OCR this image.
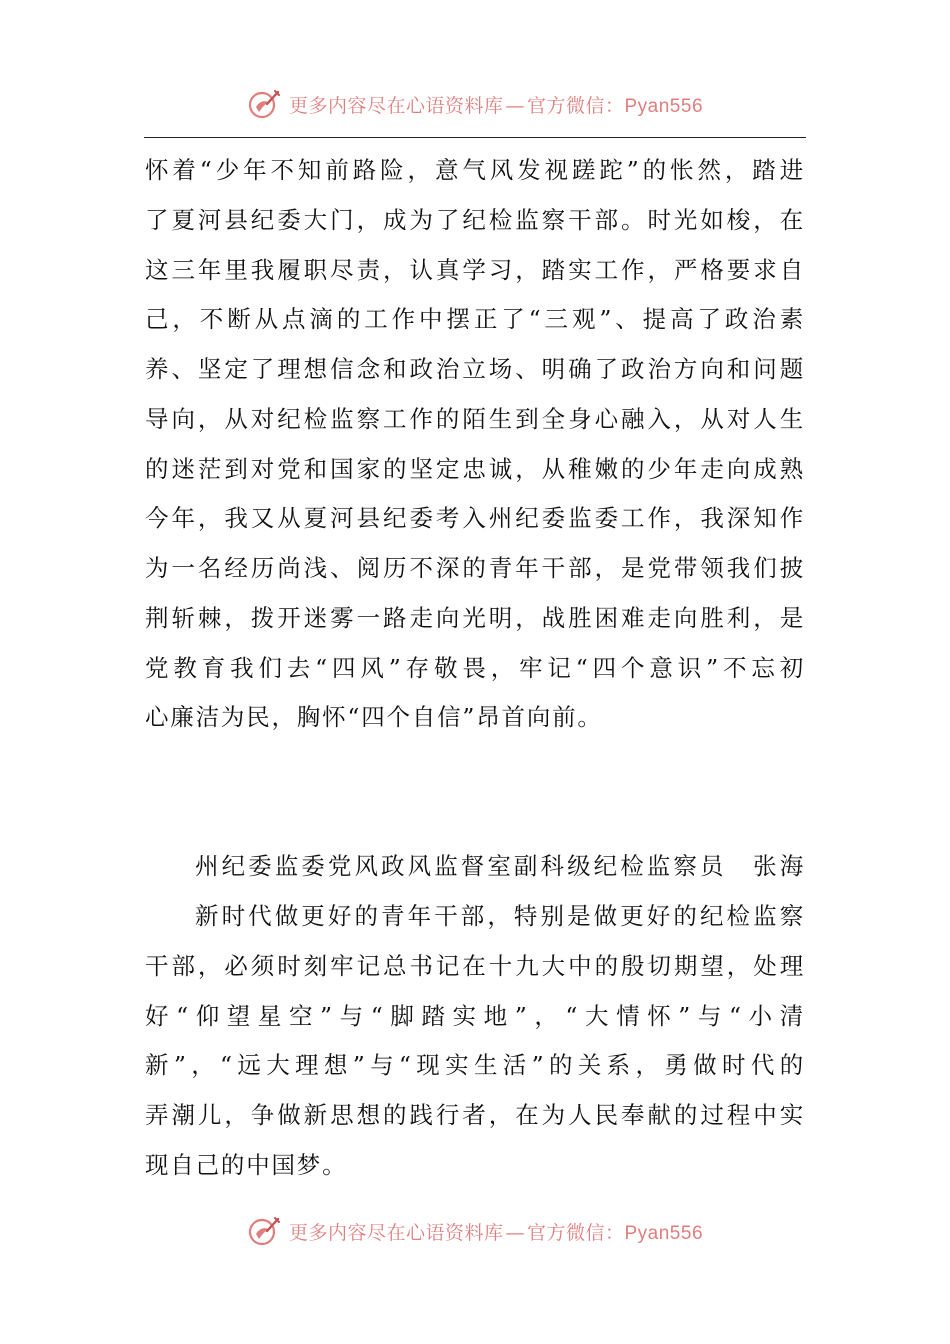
更多内容尽在心语资料库 — 官方微信：Pyan556
怀着“少年不知前路险，意气风发视蹉跎”的怅然，踏进
了夏河县纪委大门，成为了纪检监察干部。时光如梭，在
这三年里我履职尽责，认真学习，踏实工作，严格要求自
己，不断从点滴的工作中摆正了“三观”、提高了政治素
养、坚定了理想信念和政治立场、明确了政治方向和问题
导向，从对纪检监察工作的陌生到全身心融入，从对人生
的迷茫到对党和国家的坚定忠诚，从稚嫩的少年走向成熟
今年，我又从夏河县纪委考入州纪委监委工作，我深知作
为一名经历尚浅、阅历不深的青年干部，是党带领我们披
荆斩棘，拨开迷雾一路走向光明，战胜困难走向胜利，是
党教育我们去“四风”存敬畏，牢记“四个意识”不忘初
心廉洁为民，胸怀“四个自信”昂首向前。
州纪委监委党风政风监督室副科级纪检监察员　张海
新时代做更好的青年干部，特别是做更好的纪检监察
干部，必须时刻牢记总书记在十九大中的殷切期望，处理
好“仰望星空”与“脚踏实地”，“大情怀”与“小清
新”，“远大理想”与“现实生活”的关系，勇做时代的
弄潮儿，争做新思想的践行者，在为人民奉献的过程中实
现自己的中国梦。
更多内容尽在心语资料库 — 官方微信：Pyan556
